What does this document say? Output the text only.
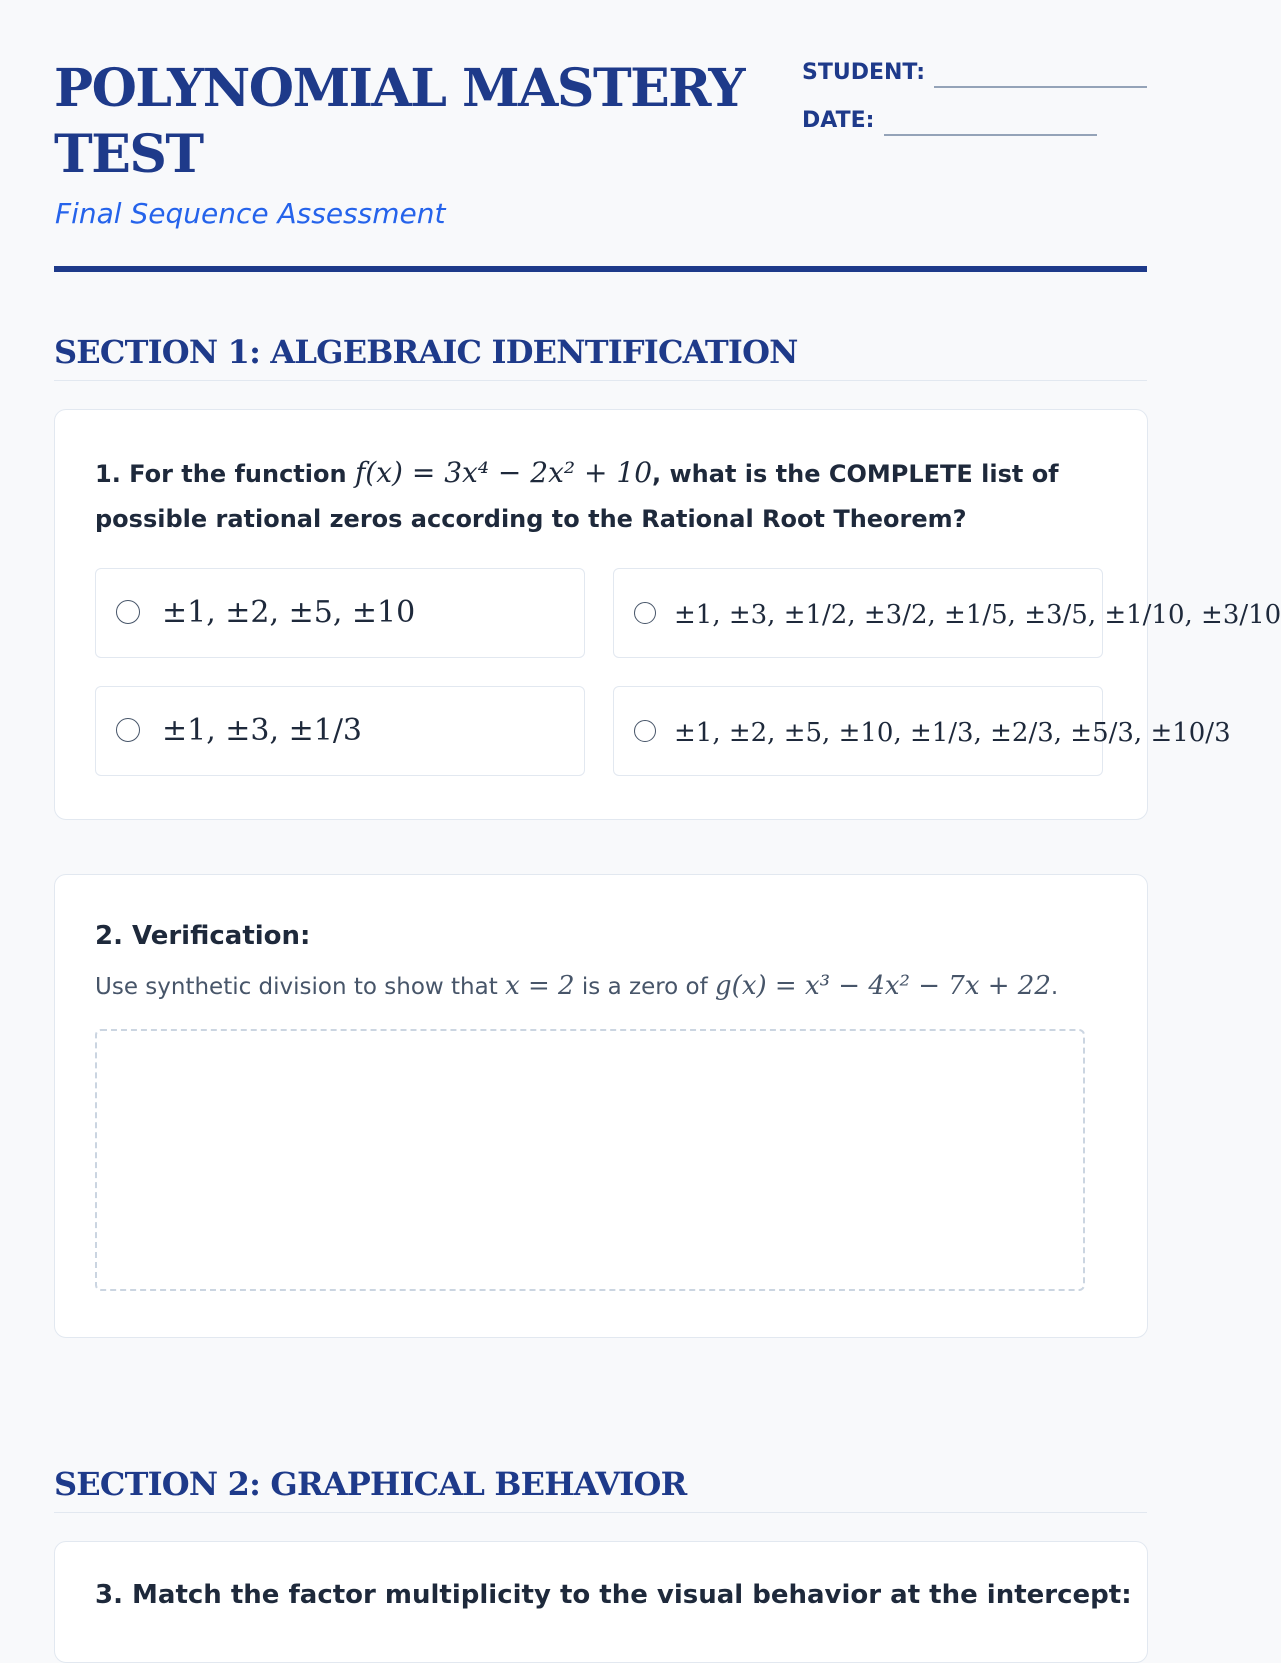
POLYNOMIAL MASTERY TEST
Final Sequence Assessment
STUDENT:
DATE:
SECTION 1: ALGEBRAIC IDENTIFICATION
1. For the function f(x) = 3x⁴ − 2x² + 10, what is the COMPLETE list of possible rational zeros according to the Rational Root Theorem?
±1, ±2, ±5, ±10	±1, ±3, ±1/2, ±3/2, ±1/5, ±3/5, ±1/10, ±3/10
±1, ±3, ±1/3	±1, ±2, ±5, ±10, ±1/3, ±2/3, ±5/3, ±10/3
2. Verification:
Use synthetic division to show that x = 2 is a zero of g(x) = x³ − 4x² − 7x + 22.
SECTION 2: GRAPHICAL BEHAVIOR
3. Match the factor multiplicity to the visual behavior at the intercept:
